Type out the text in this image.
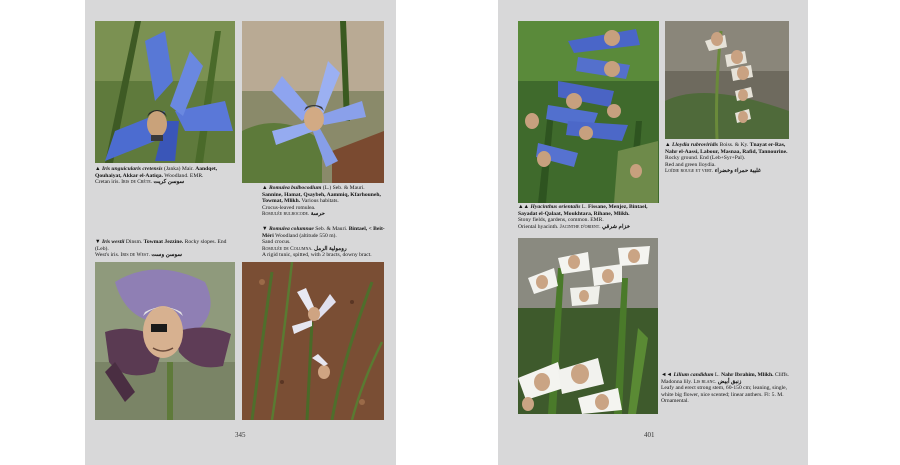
▲ Iris unguicularis cretensis (Janka) Mair. Aandqet, Qouhaiyat, Akkar el-Aatiqa. Woodland. EMR.
Cretan iris. Iris de Crète. سوسن كريت
▲ Romulea bulbocodium (L.) Seb. & Mauri. Sannine, Hamat, Qsaybeh, Aammiq, Kfarhouneh, Towmat, Mlikh. Various habitats.
Crocus-leaved romulea.
Romulée bulbocode. حرسة
▼ Romulea columnae Seb. & Mauri. Bintael, < Beit-Méri Woodland (altitude 550 m).
Sand crocus.
Romulée de Columna. رومولية الرمل
A rigid tunic, spitted, with 2 bracts, downy bract.
▼ Iris westii Dinsm. Towmat Jezzine. Rocky slopes. End (Leb).
West's iris. Iris de West. سوسن وست
345
▲ Lloydia rubroviridis Boiss. & Ky. Tnayat er-Ras, Nahr el-Aassi, Labour, Masnaa, Rafid, Tannourine. Rocky ground. End (Leb+Syr+Pal).
Red and green lloydia.
Loïdie rouge et vert. غليبة حمراء وخضراء
▲▲ Hyacinthus orientalis L. Fissane, Menjez, Bintael, Sayadat el-Qalaat, Moukhtara, Rihane, Mlikh.
Stony fields, gardens, common. EMR.
Oriental hyacinth. Jacinthe d'orient. خزام شرقي
◄◄ Lilium candidum L. Nahr Ibrahim, Mlikh. Cliffs.
Madonna lily. Lis blanc. زنبق أبيض
Leafy and erect strong stem, 60-150 cm; leaning, single, white big flower, nice scented; linear anthers. Fl: 5. M. Ornamental.
401
